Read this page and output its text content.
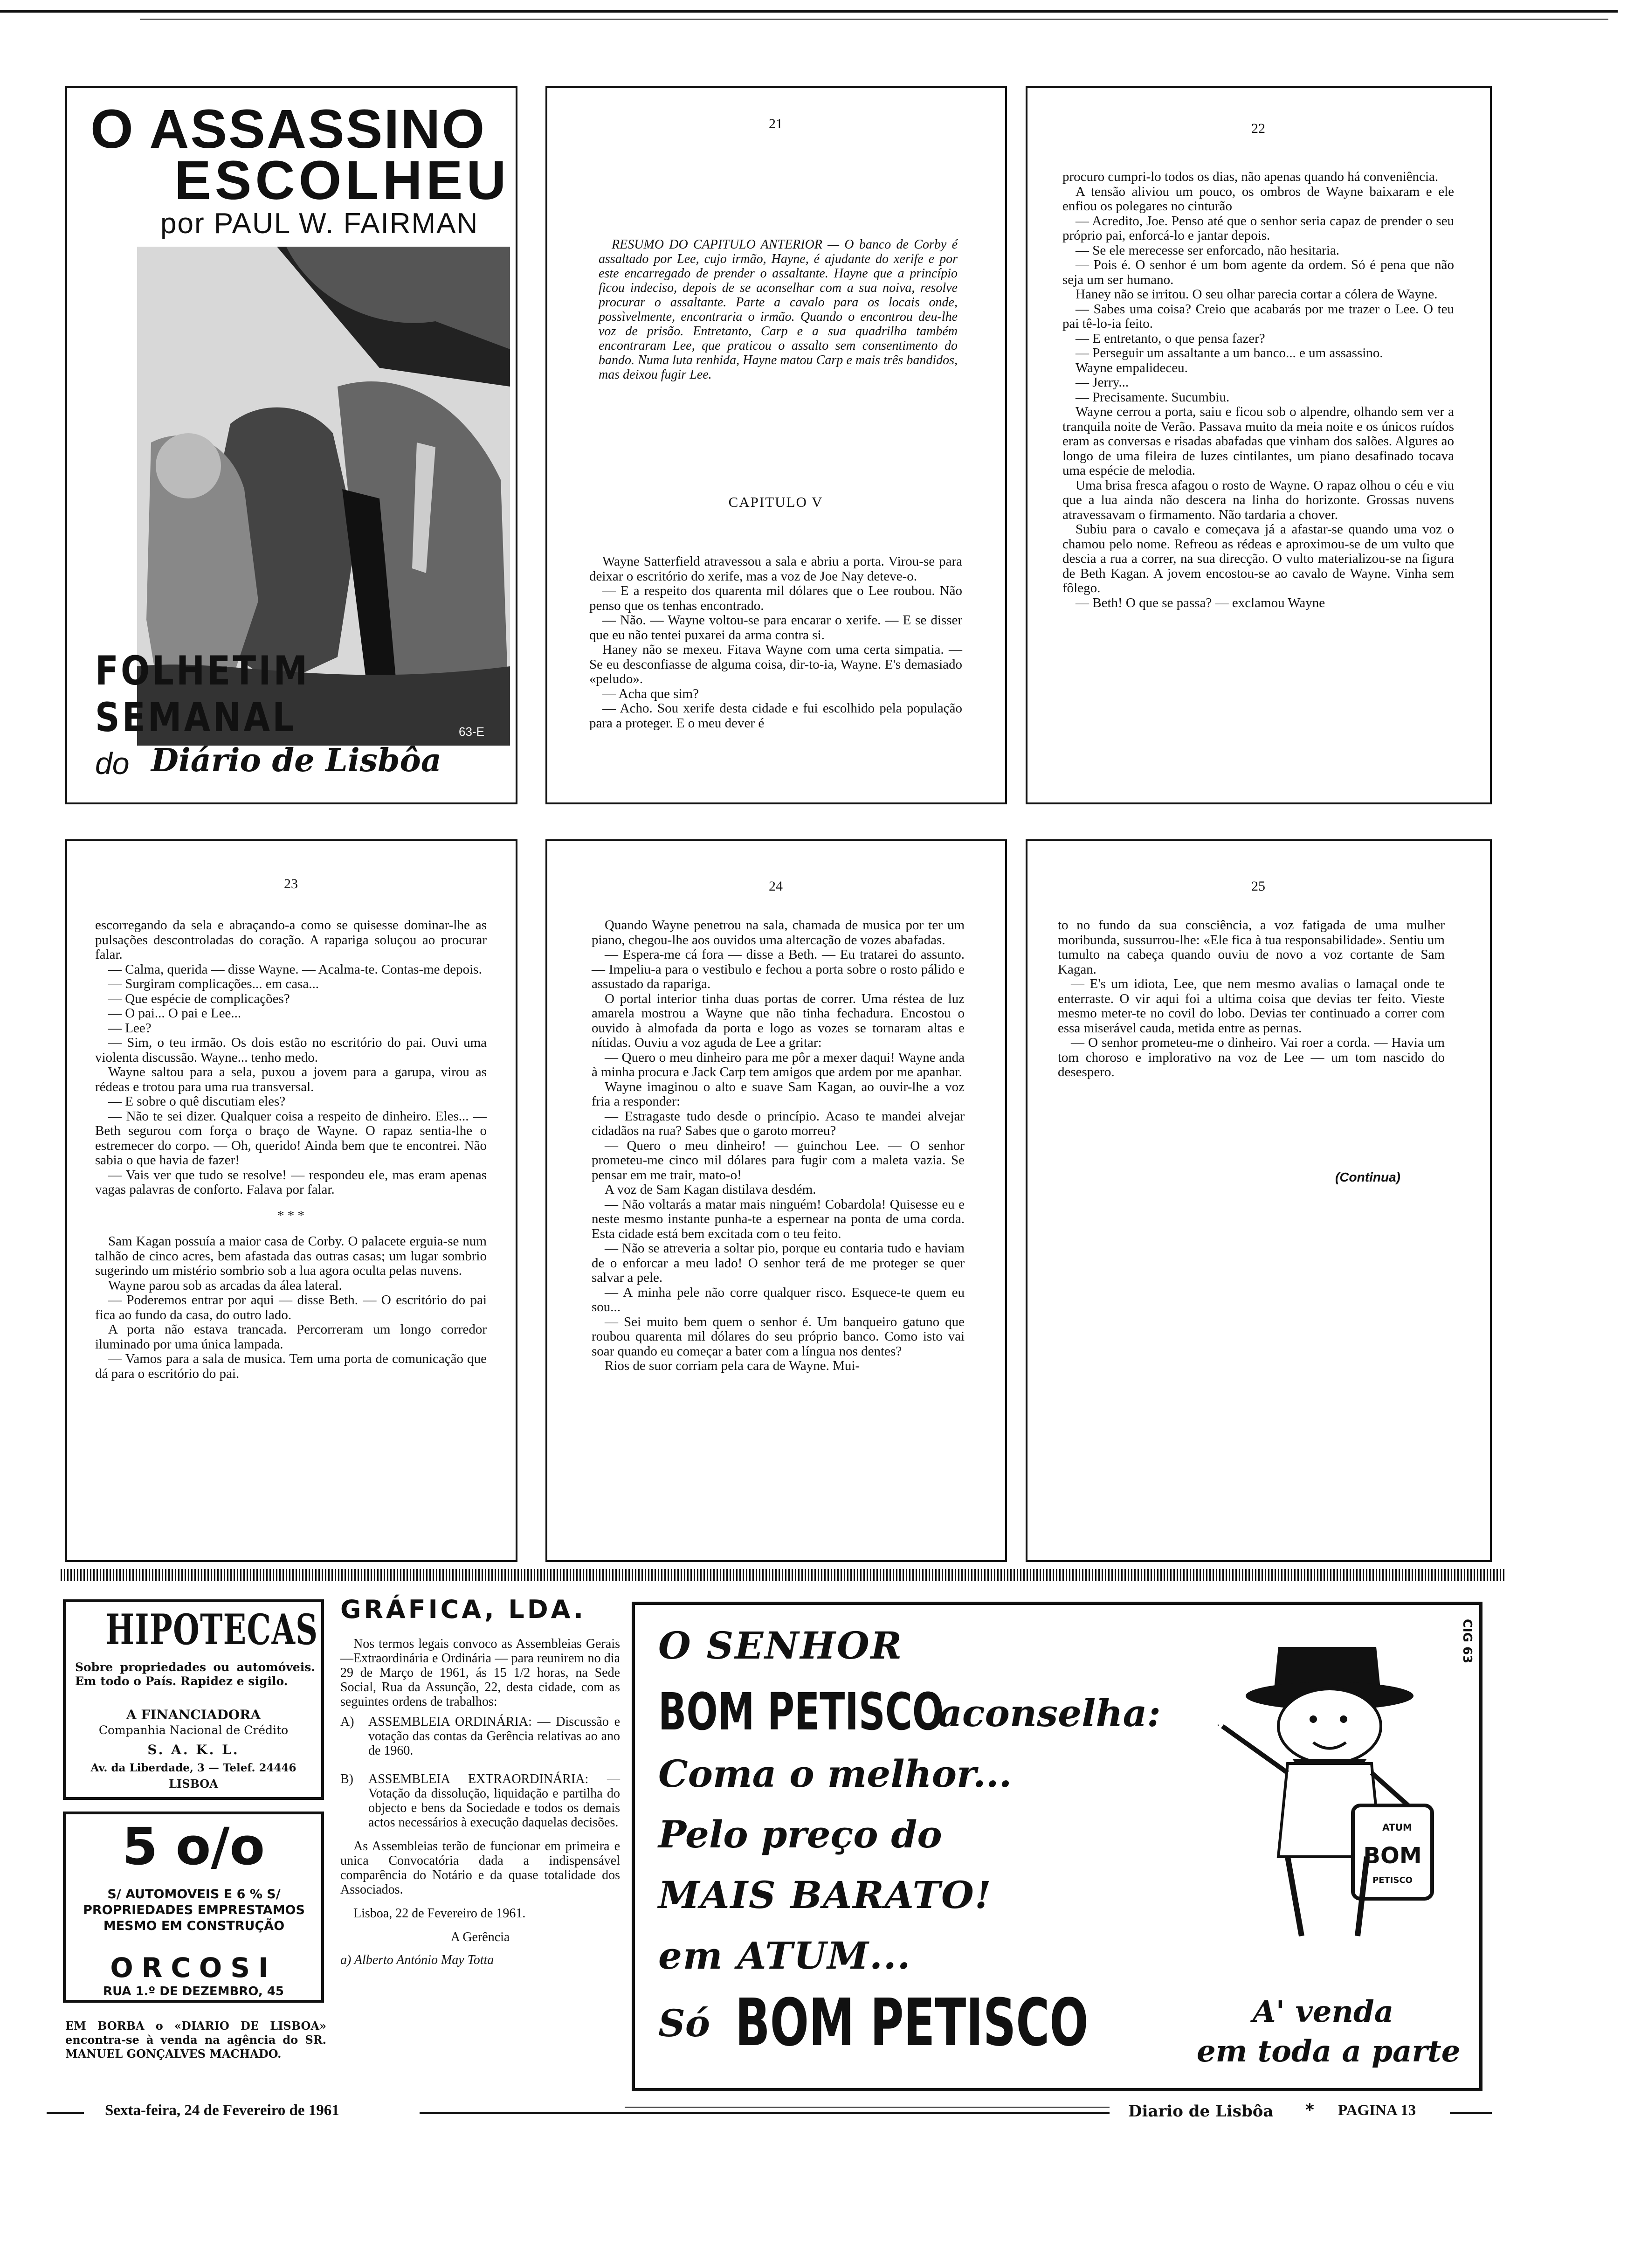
O ASSASSINO
ESCOLHEU
por PAUL W. FAIRMAN
63-E
FOLHETIM
SEMANAL
do Diário de Lisbôa
21

RESUMO DO CAPITULO ANTERIOR — O banco de Corby é assaltado por Lee, cujo irmão, Hayne, é ajudante do xerife e por este encarregado de prender o assaltante. Hayne que a princípio ficou indeciso, depois de se aconselhar com a sua noiva, resolve procurar o assaltante. Parte a cavalo para os locais onde, possìvelmente, encontraria o irmão. Quando o encontrou deu-lhe voz de prisão. Entretanto, Carp e a sua quadrilha também encontraram Lee, que praticou o assalto sem consentimento do bando. Numa luta renhida, Hayne matou Carp e mais três bandidos, mas deixou fugir Lee.

CAPITULO V

Wayne Satterfield atravessou a sala e abriu a porta. Virou-se para deixar o escritório do xerife, mas a voz de Joe Nay deteve-o.

— E a respeito dos quarenta mil dólares que o Lee roubou. Não penso que os tenhas encontrado.

— Não. — Wayne voltou-se para encarar o xerife. — E se disser que eu não tentei puxarei da arma contra si.

Haney não se mexeu. Fitava Wayne com uma certa simpatia. — Se eu desconfiasse de alguma coisa, dir-to-ia, Wayne. E's demasiado «peludo».

— Acha que sim?

— Acho. Sou xerife desta cidade e fui escolhido pela população para a proteger. E o meu dever é

22

procuro cumpri-lo todos os dias, não apenas quando há conveniência.

A tensão aliviou um pouco, os ombros de Wayne baixaram e ele enfiou os polegares no cinturão

— Acredito, Joe. Penso até que o senhor seria capaz de prender o seu próprio pai, enforcá-lo e jantar depois.

— Se ele merecesse ser enforcado, não hesitaria.

— Pois é. O senhor é um bom agente da ordem. Só é pena que não seja um ser humano.

Haney não se irritou. O seu olhar parecia cortar a cólera de Wayne.

— Sabes uma coisa? Creio que acabarás por me trazer o Lee. O teu pai tê-lo-ia feito.

— E entretanto, o que pensa fazer?

— Perseguir um assaltante a um banco... e um assassino.

Wayne empalideceu.

— Jerry...

— Precisamente. Sucumbiu.

Wayne cerrou a porta, saiu e ficou sob o alpendre, olhando sem ver a tranquila noite de Verão. Passava muito da meia noite e os únicos ruídos eram as conversas e risadas abafadas que vinham dos salões. Algures ao longo de uma fileira de luzes cintilantes, um piano desafinado tocava uma espécie de melodia.

Uma brisa fresca afagou o rosto de Wayne. O rapaz olhou o céu e viu que a lua ainda não descera na linha do horizonte. Grossas nuvens atravessavam o firmamento. Não tardaria a chover.

Subiu para o cavalo e começava já a afastar-se quando uma voz o chamou pelo nome. Refreou as rédeas e aproximou-se de um vulto que descia a rua a correr, na sua direcção. O vulto materializou-se na figura de Beth Kagan. A jovem encostou-se ao cavalo de Wayne. Vinha sem fôlego.

— Beth! O que se passa? — exclamou Wayne

23

escorregando da sela e abraçando-a como se quisesse dominar-lhe as pulsações descontroladas do coração. A rapariga soluçou ao procurar falar.

— Calma, querida — disse Wayne. — Acalma-te. Contas-me depois.

— Surgiram complicações... em casa...

— Que espécie de complicações?

— O pai... O pai e Lee...

— Lee?

— Sim, o teu irmão. Os dois estão no escritório do pai. Ouvi uma violenta discussão. Wayne... tenho medo.

Wayne saltou para a sela, puxou a jovem para a garupa, virou as rédeas e trotou para uma rua transversal.

— E sobre o quê discutiam eles?

— Não te sei dizer. Qualquer coisa a respeito de dinheiro. Eles... — Beth segurou com força o braço de Wayne. O rapaz sentia-lhe o estremecer do corpo. — Oh, querido! Ainda bem que te encontrei. Não sabia o que havia de fazer!

— Vais ver que tudo se resolve! — respondeu ele, mas eram apenas vagas palavras de conforto. Falava por falar.

* * *

Sam Kagan possuía a maior casa de Corby. O palacete erguia-se num talhão de cinco acres, bem afastada das outras casas; um lugar sombrio sugerindo um mistério sombrio sob a lua agora oculta pelas nuvens.

Wayne parou sob as arcadas da álea lateral.

— Poderemos entrar por aqui — disse Beth. — O escritório do pai fica ao fundo da casa, do outro lado.

A porta não estava trancada. Percorreram um longo corredor iluminado por uma única lampada.

— Vamos para a sala de musica. Tem uma porta de comunicação que dá para o escritório do pai.

24

Quando Wayne penetrou na sala, chamada de musica por ter um piano, chegou-lhe aos ouvidos uma altercação de vozes abafadas.

— Espera-me cá fora — disse a Beth. — Eu tratarei do assunto. — Impeliu-a para o vestibulo e fechou a porta sobre o rosto pálido e assustado da rapariga.

O portal interior tinha duas portas de correr. Uma réstea de luz amarela mostrou a Wayne que não tinha fechadura. Encostou o ouvido à almofada da porta e logo as vozes se tornaram altas e nítidas. Ouviu a voz aguda de Lee a gritar:

— Quero o meu dinheiro para me pôr a mexer daqui! Wayne anda à minha procura e Jack Carp tem amigos que ardem por me apanhar.

Wayne imaginou o alto e suave Sam Kagan, ao ouvir-lhe a voz fria a responder:

— Estragaste tudo desde o princípio. Acaso te mandei alvejar cidadãos na rua? Sabes que o garoto morreu?

— Quero o meu dinheiro! — guinchou Lee. — O senhor prometeu-me cinco mil dólares para fugir com a maleta vazia. Se pensar em me trair, mato-o!

A voz de Sam Kagan distilava desdém.

— Não voltarás a matar mais ninguém! Cobardola! Quisesse eu e neste mesmo instante punha-te a espernear na ponta de uma corda. Esta cidade está bem excitada com o teu feito.

— Não se atreveria a soltar pio, porque eu contaria tudo e haviam de o enforcar a meu lado! O senhor terá de me proteger se quer salvar a pele.

— A minha pele não corre qualquer risco. Esquece-te quem eu sou...

— Sei muito bem quem o senhor é. Um banqueiro gatuno que roubou quarenta mil dólares do seu próprio banco. Como isto vai soar quando eu começar a bater com a língua nos dentes?

Rios de suor corriam pela cara de Wayne. Mui-

25

to no fundo da sua consciência, a voz fatigada de uma mulher moribunda, sussurrou-lhe: «Ele fica à tua responsabilidade». Sentiu um tumulto na cabeça quando ouviu de novo a voz cortante de Sam Kagan.

— E's um idiota, Lee, que nem mesmo avalias o lamaçal onde te enterraste. O vir aqui foi a ultima coisa que devias ter feito. Vieste mesmo meter-te no covil do lobo. Devias ter continuado a correr com essa miserável cauda, metida entre as pernas.

— O senhor prometeu-me o dinheiro. Vai roer a corda. — Havia um tom choroso e implorativo na voz de Lee — um tom nascido do desespero.

(Continua)
HIPOTECAS
Sobre propriedades ou automóveis. Em todo o País. Rapidez e sigilo.
A FINANCIADORA
Companhia Nacional de Crédito
S. A. K. L.
Av. da Liberdade, 3 — Telef. 24446
LISBOA
5 o/o
S/ AUTOMOVEIS E 6 % S/ PROPRIEDADES EMPRESTAMOS MESMO EM CONSTRUÇÃO
ORCOSI
RUA 1.º DE DEZEMBRO, 45
EM BORBA o «DIARIO DE LISBOA» encontra-se à venda na agência do SR. MANUEL GONÇALVES MACHADO.
GRÁFICA, LDA.

Nos termos legais convoco as Assembleias Gerais—Extraordinária e Ordinária — para reunirem no dia 29 de Março de 1961, ás 15 1/2 horas, na Sede Social, Rua da Assunção, 22, desta cidade, com as seguintes ordens de trabalhos:

A)	ASSEMBLEIA ORDINÁRIA: — Discussão e votação das contas da Gerência relativas ao ano de 1960.
B)	ASSEMBLEIA EXTRAORDINÁRIA: — Votação da dissolução, liquidação e partilha do objecto e bens da Sociedade e todos os demais actos necessários à execução daquelas decisões.

As Assembleias terão de funcionar em primeira e unica Convocatória dada a indispensável comparência do Notário e da quase totalidade dos Associados.

Lisboa, 22 de Fevereiro de 1961.

A Gerência

a) Alberto António May Totta

O SENHOR
BOM PETISCO
aconselha:
Coma o melhor...
Pelo preço do
MAIS BARATO!
em ATUM...
Só BOM PETISCO	A' venda
em toda a parte
ATUM
BOM
PETISCO
CIG 63
Sexta-feira, 24 de Fevereiro de 1961	Diario de Lisbôa * PAGINA 13
